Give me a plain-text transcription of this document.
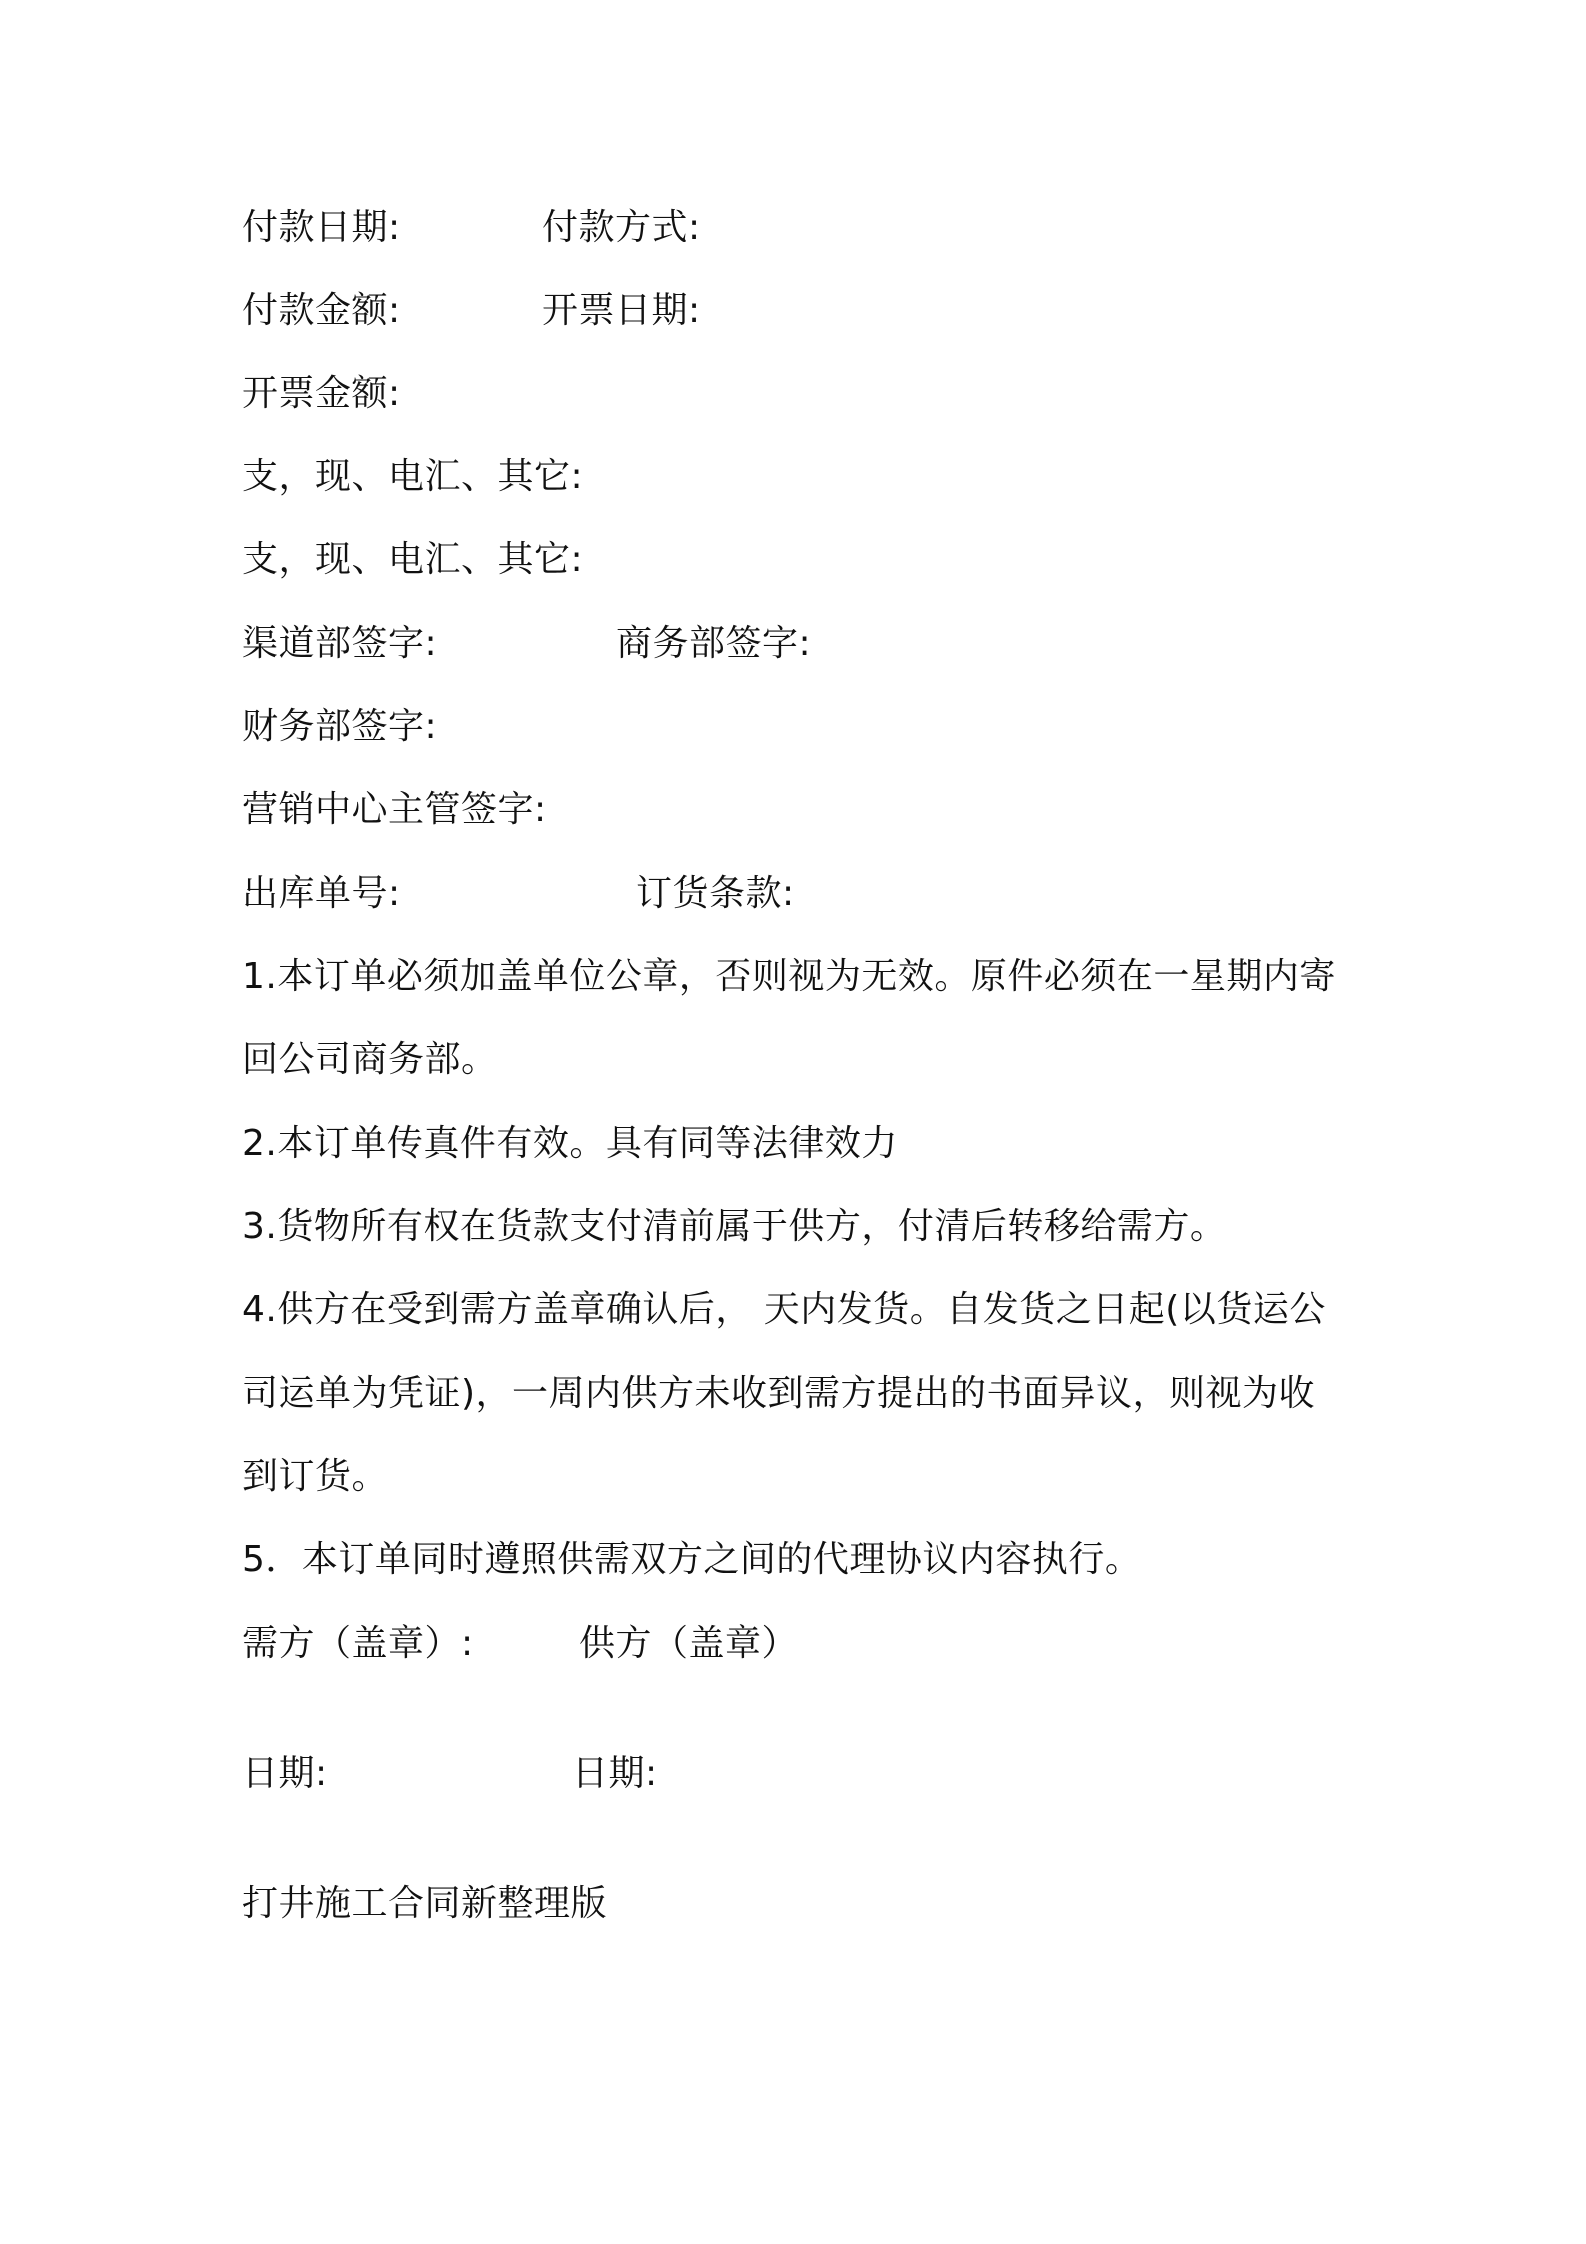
付款日期:	付款方式:
付款金额:	开票日期:
开票金额:
支，现、电汇、其它:
支，现、电汇、其它:
渠道部签字:	商务部签字:
财务部签字:
营销中心主管签字:
出库单号:	订货条款:
1.本订单必须加盖单位公章，否则视为无效。原件必须在一星期内寄
回公司商务部。
2.本订单传真件有效。具有同等法律效力
3.货物所有权在货款支付清前属于供方，付清后转移给需方。
4.供方在受到需方盖章确认后， 天内发货。自发货之日起(以货运公
司运单为凭证)，一周内供方未收到需方提出的书面异议，则视为收
到订货。
5．本订单同时遵照供需双方之间的代理协议内容执行。
需方（盖章）:	供方（盖章）
日期:	日期:
打井施工合同新整理版
